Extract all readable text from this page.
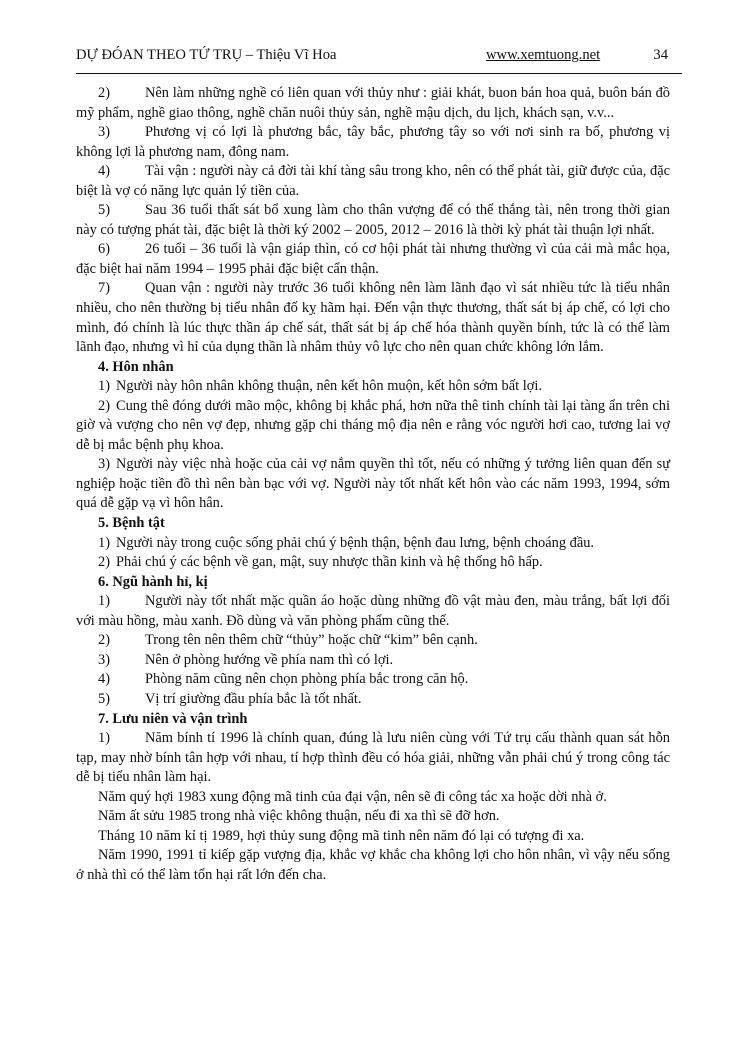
DỰ ĐÓAN THEO TỨ TRỤ – Thiệu Vĩ Hoa	www.xemtuong.net	34

2) Nên làm những nghề có liên quan với thủy như : giải khát, buon bán hoa quả, buôn bán đồ mỹ phẩm, nghề giao thông, nghề chăn nuôi thủy sản, nghề mậu dịch, du lịch, khách sạn, v.v...

3) Phương vị có lợi là phương bắc, tây bắc, phương tây so với nơi sinh ra bố, phương vị không lợi là phương nam, đông nam.

4) Tài vận : người này cả đời tài khí tàng sâu trong kho, nên có thể phát tài, giữ được của, đặc biệt là vợ có năng lực quản lý tiền của.

5) Sau 36 tuổi thất sát bổ xung làm cho thân vượng để có thể thắng tài, nên trong thời gian này có tượng phát tài, đặc biệt là thời ký 2002 – 2005, 2012 – 2016 là thời kỳ phát tài thuận lợi nhất.

6) 26 tuổi – 36 tuổi là vận giáp thìn, có cơ hội phát tài nhưng thường vì của cải mà mắc họa, đặc biệt hai năm 1994 – 1995 phải đặc biệt cẩn thận.

7) Quan vận : người này trước 36 tuổi không nên làm lãnh đạo vì sát nhiều tức là tiểu nhân nhiều, cho nên thường bị tiểu nhân đố kỵ hãm hại. Đến vận thực thương, thất sát bị áp chế, có lợi cho mình, đó chính là lúc thực thần áp chế sát, thất sát bị áp chế hóa thành quyền bính, tức là có thể làm lãnh đạo, nhưng vì hỉ của dụng thần là nhâm thủy vô lực cho nên quan chức không lớn lắm.

4. Hôn nhân

1) Người này hôn nhân không thuận, nên kết hôn muộn, kết hôn sớm bất lợi.

2) Cung thê đóng dưới mão mộc, không bị khắc phá, hơn nữa thê tinh chính tài lại tàng ẩn trên chi giờ và vượng cho nên vợ đẹp, nhưng gặp chi tháng mộ địa nên e rằng vóc người hơi cao, tương lai vợ dễ bị mắc bệnh phụ khoa.

3) Người này việc nhà hoặc của cải vợ nắm quyền thì tốt, nếu có những ý tưởng liên quan đến sự nghiệp hoặc tiền đồ thì nên bàn bạc với vợ. Người này tốt nhất kết hôn vào các năm 1993, 1994, sớm quá dễ gặp vạ vì hôn hân.

5. Bệnh tật

1) Người này trong cuộc sống phải chú ý bệnh thận, bệnh đau lưng, bệnh choáng đầu.

2) Phải chú ý các bệnh về gan, mật, suy nhược thần kinh và hệ thống hô hấp.

6. Ngũ hành hỉ, kị

1) Người này tốt nhất mặc quần áo hoặc dùng những đồ vật màu đen, màu trắng, bất lợi đối với màu hồng, màu xanh. Đồ dùng và văn phòng phẩm cũng thế.

2) Trong tên nên thêm chữ “thủy” hoặc chữ “kim” bên cạnh.

3) Nên ở phòng hướng về phía nam thì có lợi.

4) Phòng năm cũng nên chọn phòng phía bắc trong căn hộ.

5) Vị trí giường đầu phía bắc là tốt nhất.

7. Lưu niên và vận trình

1) Năm bính tí 1996 là chính quan, đúng là lưu niên cùng với Tứ trụ cấu thành quan sát hỗn tạp, may nhờ bính tân hợp với nhau, tí hợp thình đều có hóa giải, những vẫn phải chú ý trong công tác dễ bị tiểu nhân làm hại.

Năm quý hợi 1983 xung động mã tinh của đại vận, nên sẽ đi công tác xa hoặc dời nhà ở.

Năm ất sửu 1985 trong nhà việc không thuận, nếu đi xa thì sẽ đỡ hơn.

Tháng 10 năm kỉ tị 1989, hợi thủy sung động mã tinh nên năm đó lại có tượng đi xa.

Năm 1990, 1991 tỉ kiếp gặp vượng địa, khắc vợ khắc cha không lợi cho hôn nhân, vì vậy nếu sống ở nhà thì có thể làm tổn hại rất lớn đến cha.
